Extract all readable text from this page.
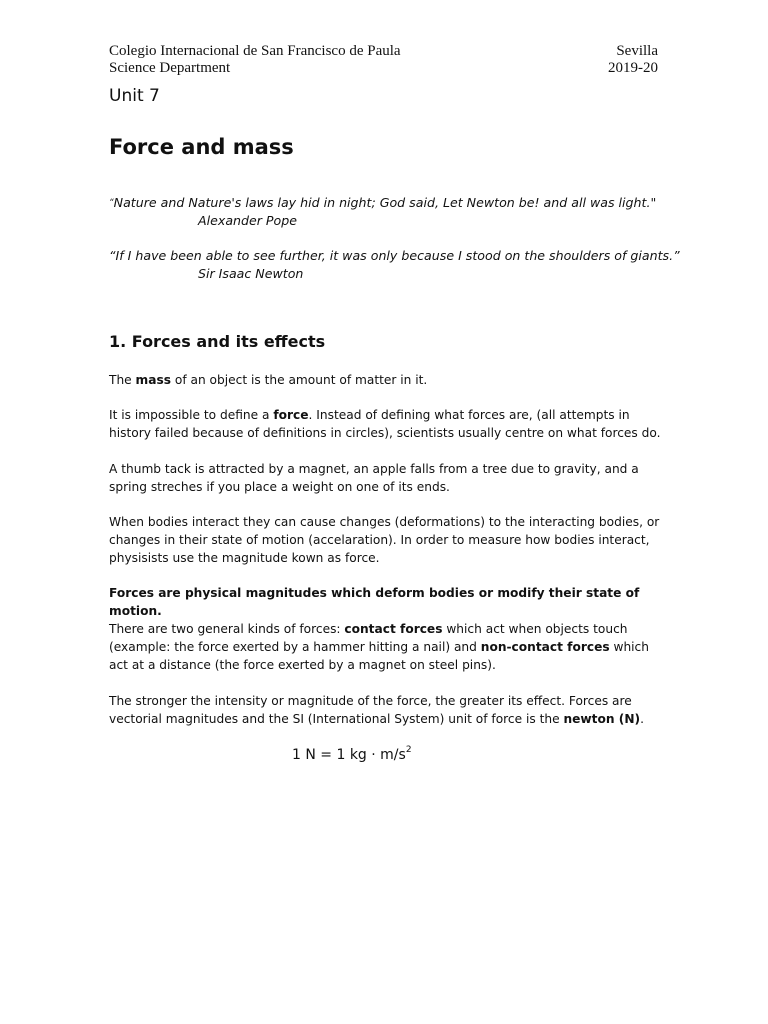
Colegio Internacional de San Francisco de Paula
Science Department
Sevilla
2019-20
Unit 7
Force and mass
“Nature and Nature's laws lay hid in night; God said, Let Newton be! and all was light."
Alexander Pope
“If I have been able to see further, it was only because I stood on the shoulders of giants.”
Sir Isaac Newton
1. Forces and its effects

The mass of an object is the amount of matter in it.

It is impossible to define a force. Instead of defining what forces are, (all attempts in history failed because of definitions in circles), scientists usually centre on what forces do.

A thumb tack is attracted by a magnet, an apple falls from a tree due to gravity, and a spring streches if you place a weight on one of its ends.

When bodies interact they can cause changes (deformations) to the interacting bodies, or changes in their state of motion (accelaration). In order to measure how bodies interact, physisists use the magnitude kown as force.

Forces are physical magnitudes which deform bodies or modify their state of motion.

There are two general kinds of forces: contact forces which act when objects touch (example: the force exerted by a hammer hitting a nail) and non-contact forces which act at a distance (the force exerted by a magnet on steel pins).

The stronger the intensity or magnitude of the force, the greater its effect. Forces are vectorial magnitudes and the SI (International System) unit of force is the newton (N).

1 N = 1 kg · $m/s^2$
